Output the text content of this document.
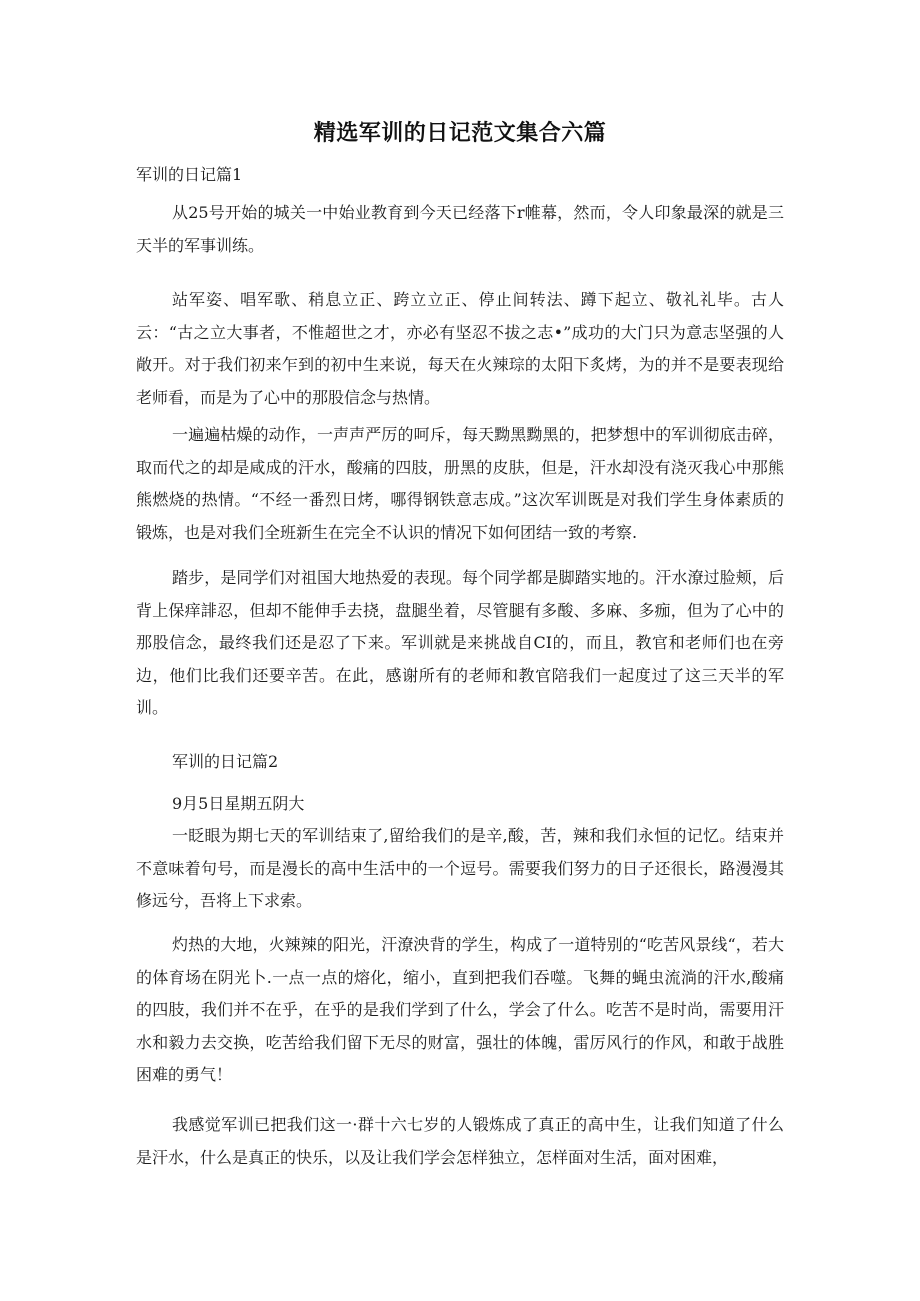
精选军训的日记范文集合六篇
军训的日记篇1

从25号开始的城关一中始业教育到今天已经落下r帷幕，然而，令人印象最深的就是三天半的军事训练。

站军姿、唱军歌、稍息立正、跨立立正、停止间转法、蹲下起立、敬礼礼毕。古人云：“古之立大事者，不惟超世之才，亦必有坚忍不拔之志•”成功的大门只为意志坚强的人敞开。对于我们初来乍到的初中生来说，每天在火辣琮的太阳下炙烤，为的并不是要表现给老师看，而是为了心中的那股信念与热情。

一遍遍枯燥的动作，一声声严厉的呵斥，每天黝黑黝黑的，把梦想中的军训彻底击碎，取而代之的却是咸成的汗水，酸痛的四肢，册黑的皮肤，但是，汗水却没有浇灭我心中那熊熊燃烧的热情。“不经一番烈日烤，哪得钢铁意志成。”这次军训既是对我们学生身体素质的锻炼，也是对我们全班新生在完全不认识的情况下如何团结一致的考察.

踏步，是同学们对祖国大地热爱的表现。每个同学都是脚踏实地的。汗水潦过脸颊，后背上保痒誹忍，但却不能伸手去挠，盘腿坐着，尽管腿有多酸、多麻、多痂，但为了心中的那股信念，最终我们还是忍了下来。军训就是来挑战自CI的，而且，教官和老师们也在旁边，他们比我们还要辛苦。在此，感谢所有的老师和教官陪我们一起度过了这三天半的军训。

军训的日记篇2
9月5日星期五阴大

一眨眼为期七天的军训结束了,留给我们的是辛,酸，苦，辣和我们永恒的记忆。结束并不意味着句号，而是漫长的高中生活中的一个逗号。需要我们努力的日子还很长，路漫漫其修远兮，吾将上下求索。

灼热的大地，火辣辣的阳光，汗潦泱背的学生，构成了一道特别的“吃苦风景线“，若大的体育场在阴光卜.一点一点的熔化，缩小，直到把我们吞噬。飞舞的蝇虫流淌的汗水,酸痛的四肢，我们并不在乎，在乎的是我们学到了什么，学会了什么。吃苦不是时尚，需要用汗水和毅力去交换，吃苦给我们留下无尽的财富，强壮的体魄，雷厉风行的作风，和敢于战胜困难的勇气！

我感觉军训已把我们这一·群十六七岁的人锻炼成了真正的高中生，让我们知道了什么是汗水，什么是真正的快乐，以及让我们学会怎样独立，怎样面对生活，面对困难，
